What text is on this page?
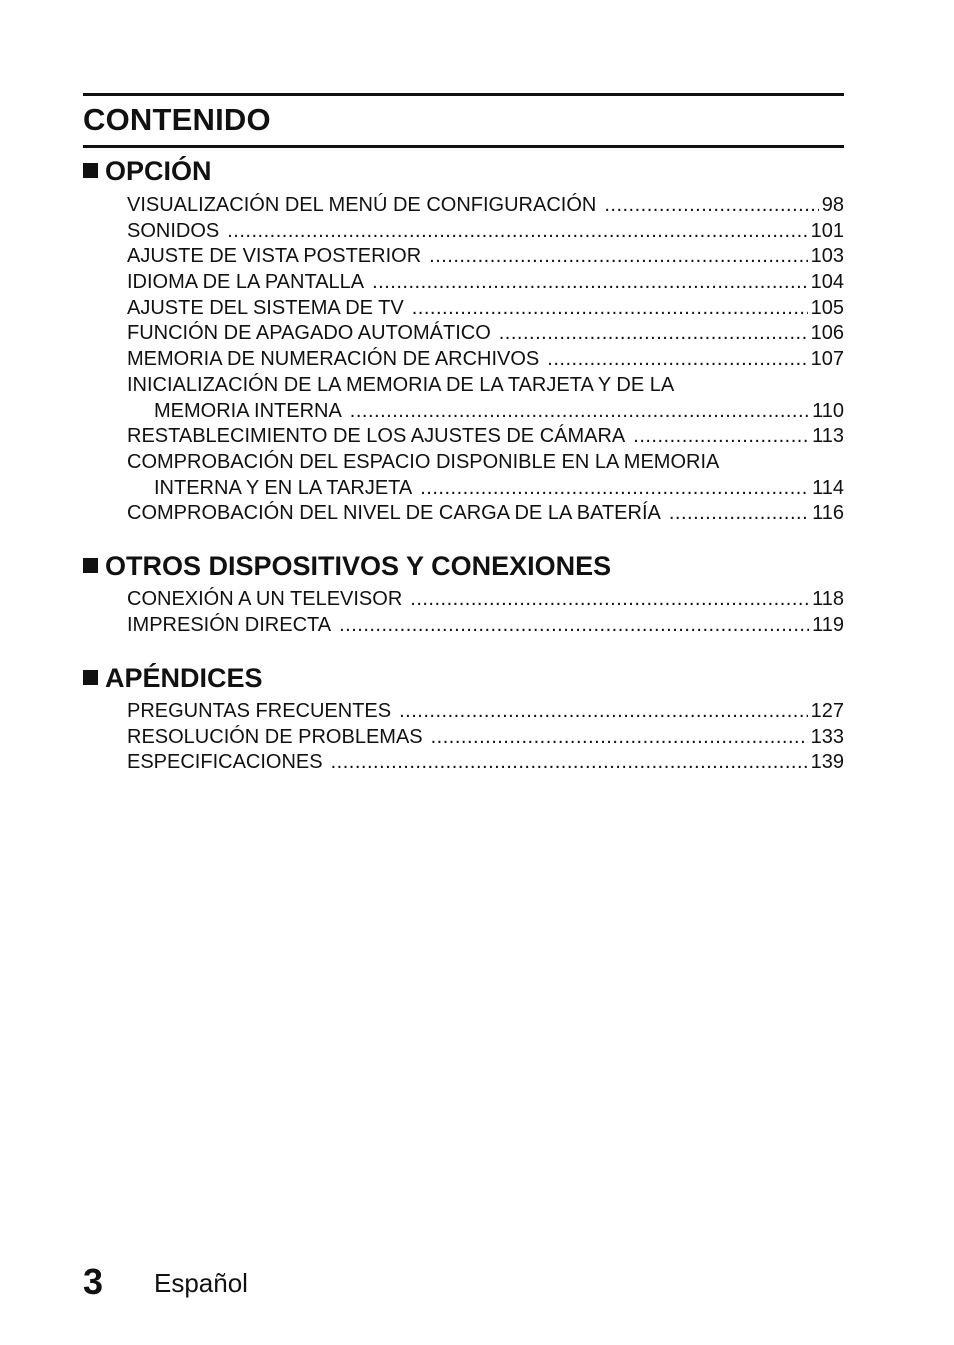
CONTENIDO
OPCIÓN
VISUALIZACIÓN DEL MENÚ DE CONFIGURACIÓN .....	98
SONIDOS .....	101
AJUSTE DE VISTA POSTERIOR .....	103
IDIOMA DE LA PANTALLA .....	104
AJUSTE DEL SISTEMA DE TV .....	105
FUNCIÓN DE APAGADO AUTOMÁTICO .....	106
MEMORIA DE NUMERACIÓN DE ARCHIVOS .....	107
INICIALIZACIÓN DE LA MEMORIA DE LA TARJETA Y DE LA
MEMORIA INTERNA .....	110
RESTABLECIMIENTO DE LOS AJUSTES DE CÁMARA .....	113
COMPROBACIÓN DEL ESPACIO DISPONIBLE EN LA MEMORIA
INTERNA Y EN LA TARJETA .....	114
COMPROBACIÓN DEL NIVEL DE CARGA DE LA BATERÍA .....	116
OTROS DISPOSITIVOS Y CONEXIONES
CONEXIÓN A UN TELEVISOR .....	118
IMPRESIÓN DIRECTA .....	119
APÉNDICES
PREGUNTAS FRECUENTES .....	127
RESOLUCIÓN DE PROBLEMAS .....	133
ESPECIFICACIONES .....	139
3 Español
